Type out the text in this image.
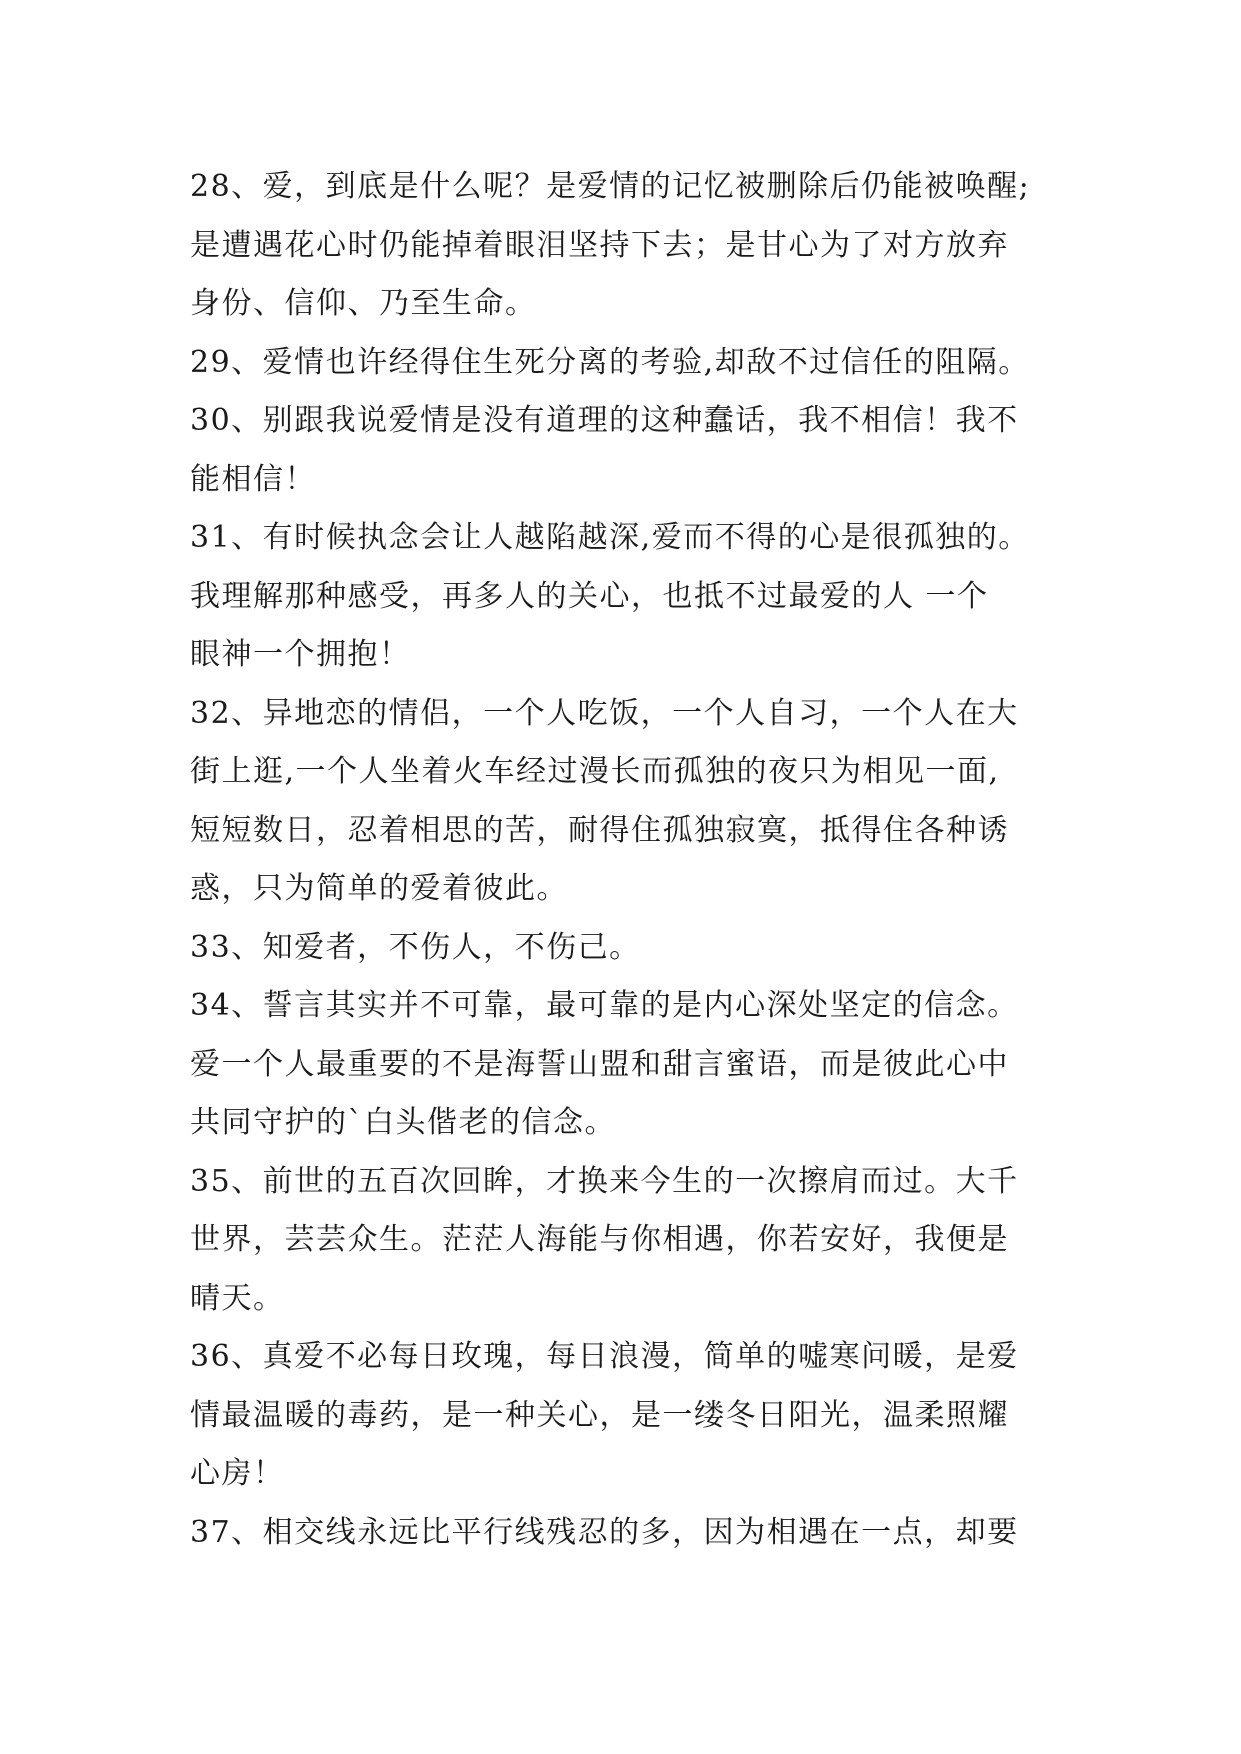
28、爱，到底是什么呢？是爱情的记忆被删除后仍能被唤醒;
是遭遇花心时仍能掉着眼泪坚持下去；是甘心为了对方放弃
身份、信仰、乃至生命。
29、爱情也许经得住生死分离的考验,却敌不过信任的阻隔。
30、别跟我说爱情是没有道理的这种蠢话，我不相信！我不
能相信！
31、有时候执念会让人越陷越深,爱而不得的心是很孤独的。
我理解那种感受，再多人的关心，也抵不过最爱的人 一个
眼神一个拥抱！
32、异地恋的情侣，一个人吃饭，一个人自习，一个人在大
街上逛,一个人坐着火车经过漫长而孤独的夜只为相见一面,
短短数日，忍着相思的苦，耐得住孤独寂寞，抵得住各种诱
惑，只为简单的爱着彼此。
33、知爱者，不伤人，不伤己。
34、誓言其实并不可靠，最可靠的是内心深处坚定的信念。
爱一个人最重要的不是海誓山盟和甜言蜜语，而是彼此心中
共同守护的`白头偕老的信念。
35、前世的五百次回眸，才换来今生的一次擦肩而过。大千
世界，芸芸众生。茫茫人海能与你相遇，你若安好，我便是
晴天。
36、真爱不必每日玫瑰，每日浪漫，简单的嘘寒问暖，是爱
情最温暖的毒药，是一种关心，是一缕冬日阳光，温柔照耀
心房！
37、相交线永远比平行线残忍的多，因为相遇在一点，却要
